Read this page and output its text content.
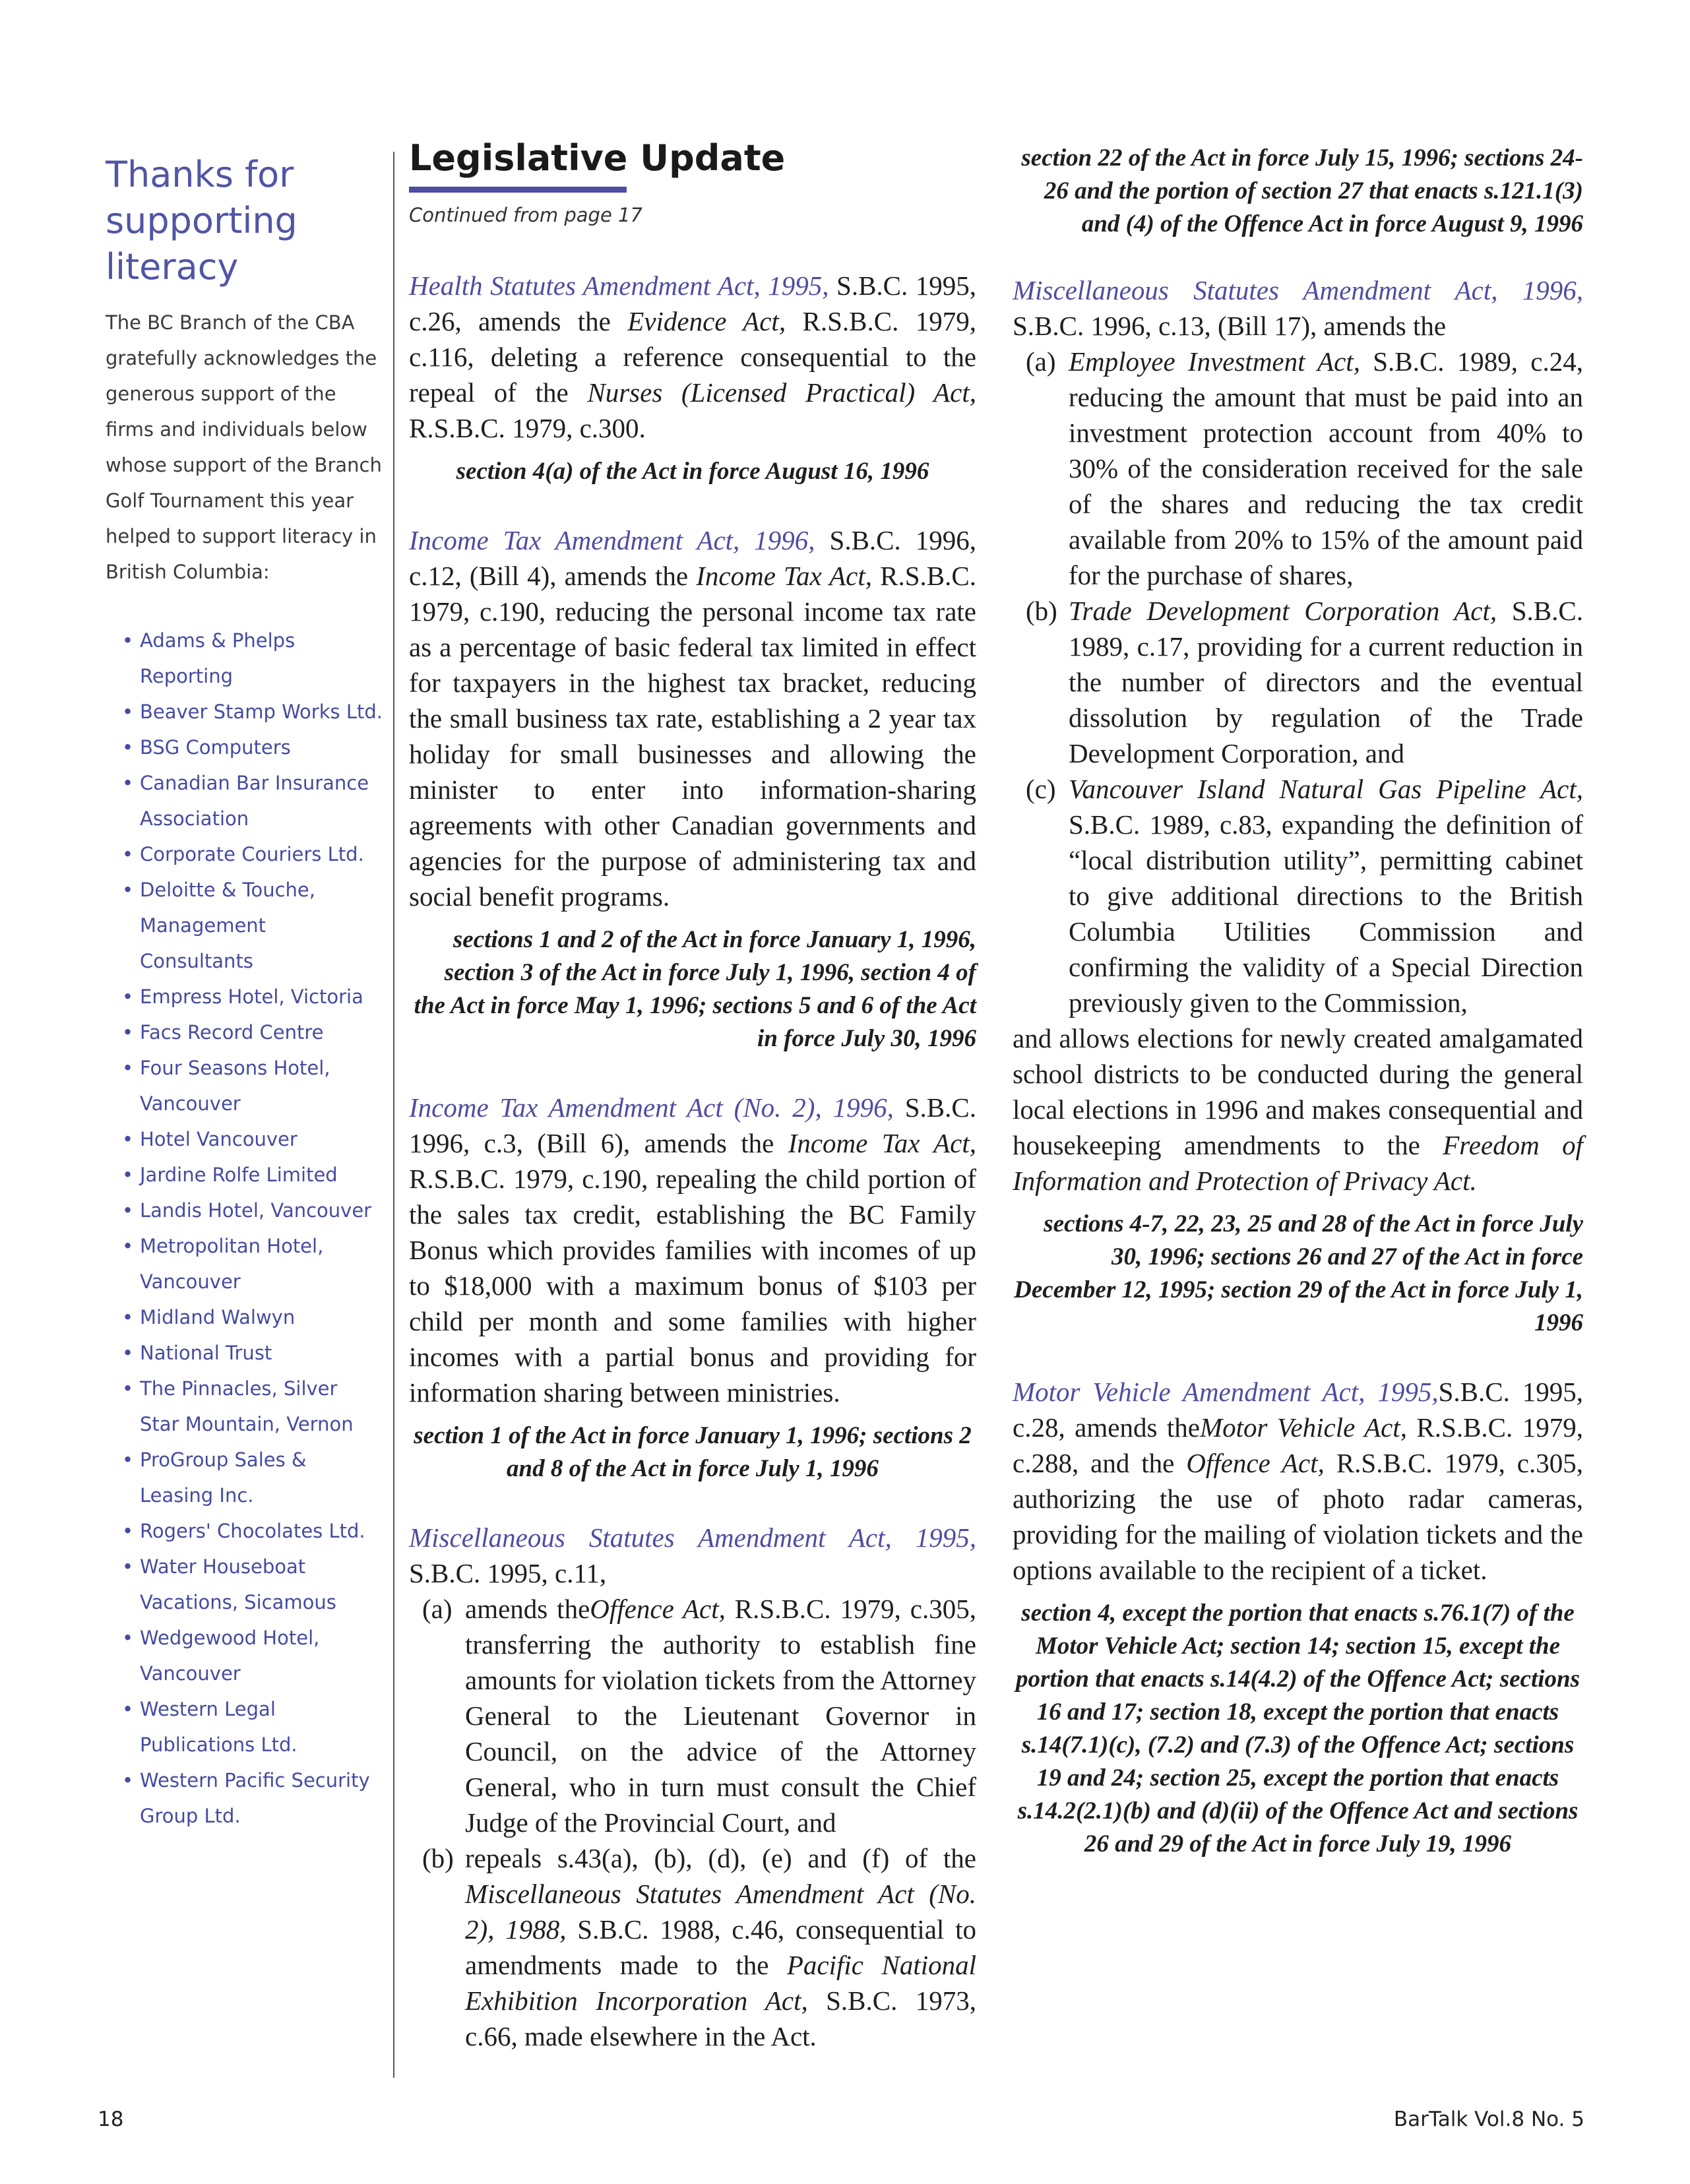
Thanks for supporting literacy

The BC Branch of the CBA gratefully acknowledges the generous support of the firms and individuals below whose support of the Branch Golf Tournament this year helped to support literacy in British Columbia:

• Adams & Phelps Reporting
• Beaver Stamp Works Ltd.
• BSG Computers
• Canadian Bar Insurance Association
• Corporate Couriers Ltd.
• Deloitte & Touche, Management Consultants
• Empress Hotel, Victoria
• Facs Record Centre
• Four Seasons Hotel, Vancouver
• Hotel Vancouver
• Jardine Rolfe Limited
• Landis Hotel, Vancouver
• Metropolitan Hotel, Vancouver
• Midland Walwyn
• National Trust
• The Pinnacles, Silver Star Mountain, Vernon
• ProGroup Sales & Leasing Inc.
• Rogers' Chocolates Ltd.
• Water Houseboat Vacations, Sicamous
• Wedgewood Hotel, Vancouver
• Western Legal Publications Ltd.
• Western Pacific Security Group Ltd.
Legislative Update
Continued from page 17

Health Statutes Amendment Act, 1995, S.B.C. 1995, c.26, amends the Evidence Act, R.S.B.C. 1979, c.116, deleting a reference consequential to the repeal of the Nurses (Licensed Practical) Act, R.S.B.C. 1979, c.300.

section 4(a) of the Act in force August 16, 1996

Income Tax Amendment Act, 1996, S.B.C. 1996, c.12, (Bill 4), amends the Income Tax Act, R.S.B.C. 1979, c.190, reducing the personal income tax rate as a percentage of basic federal tax limited in effect for taxpayers in the highest tax bracket, reducing the small business tax rate, establishing a 2 year tax holiday for small businesses and allowing the minister to enter into information-sharing agreements with other Canadian governments and agencies for the purpose of administering tax and social benefit programs.

sections 1 and 2 of the Act in force January 1, 1996, section 3 of the Act in force July 1, 1996, section 4 of the Act in force May 1, 1996; sections 5 and 6 of the Act in force July 30, 1996

Income Tax Amendment Act (No. 2), 1996, S.B.C. 1996, c.3, (Bill 6), amends the Income Tax Act, R.S.B.C. 1979, c.190, repealing the child portion of the sales tax credit, establishing the BC Family Bonus which provides families with incomes of up to $18,000 with a maximum bonus of $103 per child per month and some families with higher incomes with a partial bonus and providing for information sharing between ministries.

section 1 of the Act in force January 1, 1996; sections 2 and 8 of the Act in force July 1, 1996

Miscellaneous Statutes Amendment Act, 1995, S.B.C. 1995, c.11,

(a) amends theOffence Act, R.S.B.C. 1979, c.305, transferring the authority to establish fine amounts for violation tickets from the Attorney General to the Lieutenant Governor in Council, on the advice of the Attorney General, who in turn must consult the Chief Judge of the Provincial Court, and
(b) repeals s.43(a), (b), (d), (e) and (f) of the Miscellaneous Statutes Amendment Act (No. 2), 1988, S.B.C. 1988, c.46, consequential to amendments made to the Pacific National Exhibition Incorporation Act, S.B.C. 1973, c.66, made elsewhere in the Act.
section 22 of the Act in force July 15, 1996; sections 24-26 and the portion of section 27 that enacts s.121.1(3) and (4) of the Offence Act in force August 9, 1996

Miscellaneous Statutes Amendment Act, 1996, S.B.C. 1996, c.13, (Bill 17), amends the

(a) Employee Investment Act, S.B.C. 1989, c.24, reducing the amount that must be paid into an investment protection account from 40% to 30% of the consideration received for the sale of the shares and reducing the tax credit available from 20% to 15% of the amount paid for the purchase of shares,
(b) Trade Development Corporation Act, S.B.C. 1989, c.17, providing for a current reduction in the number of directors and the eventual dissolution by regulation of the Trade Development Corporation, and
(c) Vancouver Island Natural Gas Pipeline Act, S.B.C. 1989, c.83, expanding the definition of “local distribution utility”, permitting cabinet to give additional directions to the British Columbia Utilities Commission and confirming the validity of a Special Direction previously given to the Commission,

and allows elections for newly created amalgamated school districts to be conducted during the general local elections in 1996 and makes consequential and housekeeping amendments to the Freedom of Information and Protection of Privacy Act.

sections 4-7, 22, 23, 25 and 28 of the Act in force July 30, 1996; sections 26 and 27 of the Act in force December 12, 1995; section 29 of the Act in force July 1, 1996

Motor Vehicle Amendment Act, 1995,S.B.C. 1995, c.28, amends theMotor Vehicle Act, R.S.B.C. 1979, c.288, and the Offence Act, R.S.B.C. 1979, c.305, authorizing the use of photo radar cameras, providing for the mailing of violation tickets and the options available to the recipient of a ticket.

section 4, except the portion that enacts s.76.1(7) of the Motor Vehicle Act; section 14; section 15, except the portion that enacts s.14(4.2) of the Offence Act; sections 16 and 17; section 18, except the portion that enacts s.14(7.1)(c), (7.2) and (7.3) of the Offence Act; sections 19 and 24; section 25, except the portion that enacts s.14.2(2.1)(b) and (d)(ii) of the Offence Act and sections 26 and 29 of the Act in force July 19, 1996
18	BarTalk Vol.8 No. 5
